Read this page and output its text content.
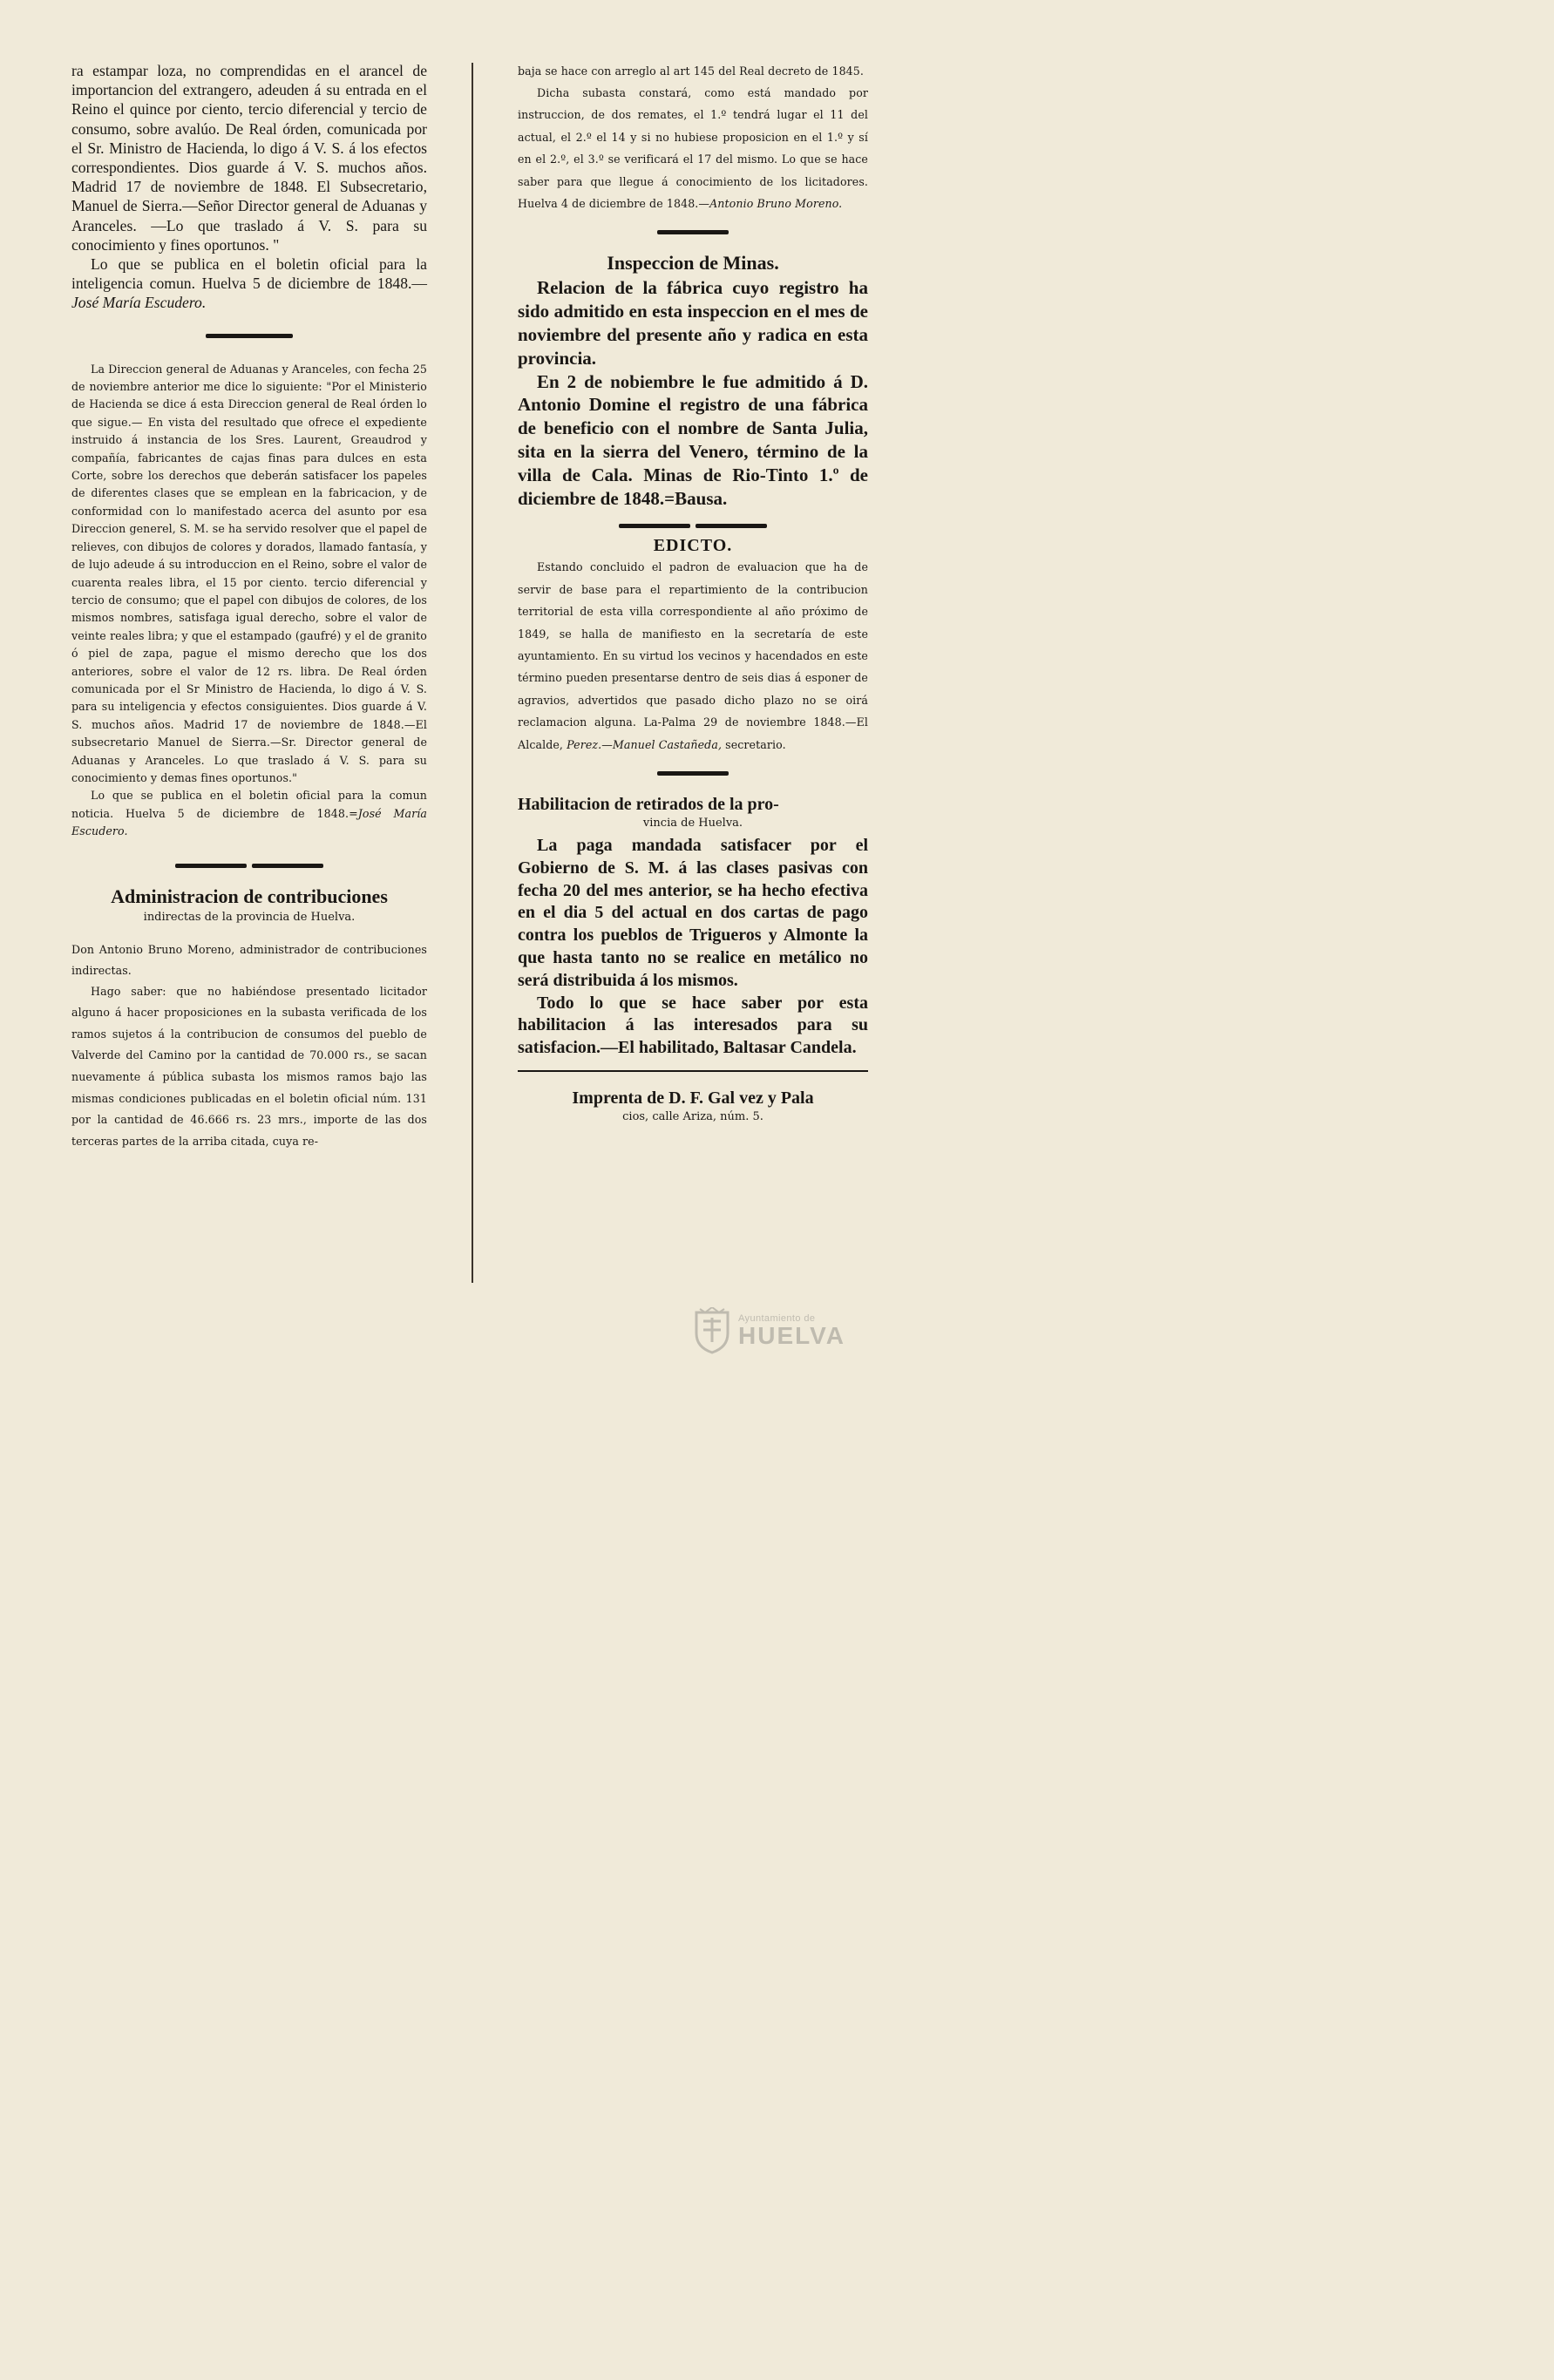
ra estampar loza, no comprendidas en el arancel de importancion del extrangero, adeuden á su entrada en el Reino el quince por ciento, tercio diferencial y tercio de consumo, sobre avalúo. De Real órden, comunicada por el Sr. Ministro de Hacienda, lo digo á V. S. á los efectos correspondientes. Dios guarde á V. S. muchos años. Madrid 17 de noviembre de 1848. El Subsecretario, Manuel de Sierra.—Señor Director general de Aduanas y Aranceles. —Lo que traslado á V. S. para su conocimiento y fines oportunos. "

Lo que se publica en el boletin oficial para la inteligencia comun. Huelva 5 de diciembre de 1848.—José María Escudero.

La Direccion general de Aduanas y Aranceles, con fecha 25 de noviembre anterior me dice lo siguiente: "Por el Ministerio de Hacienda se dice á esta Direccion general de Real órden lo que sigue.— En vista del resultado que ofrece el expediente instruido á instancia de los Sres. Laurent, Greaudrod y compañía, fabricantes de cajas finas para dulces en esta Corte, sobre los derechos que deberán satisfacer los papeles de diferentes clases que se emplean en la fabricacion, y de conformidad con lo manifestado acerca del asunto por esa Direccion generel, S. M. se ha servido resolver que el papel de relieves, con dibujos de colores y dorados, llamado fantasía, y de lujo adeude á su introduccion en el Reino, sobre el valor de cuarenta reales libra, el 15 por ciento. tercio diferencial y tercio de consumo; que el papel con dibujos de colores, de los mismos nombres, satisfaga igual derecho, sobre el valor de veinte reales libra; y que el estampado (gaufré) y el de granito ó piel de zapa, pague el mismo derecho que los dos anteriores, sobre el valor de 12 rs. libra. De Real órden comunicada por el Sr Ministro de Hacienda, lo digo á V. S. para su inteligencia y efectos consiguientes. Dios guarde á V. S. muchos años. Madrid 17 de noviembre de 1848.—El subsecretario Manuel de Sierra.—Sr. Director general de Aduanas y Aranceles. Lo que traslado á V. S. para su conocimiento y demas fines oportunos."

Lo que se publica en el boletin oficial para la comun noticia. Huelva 5 de diciembre de 1848.=José María Escudero.

Administracion de contribuciones
indirectas de la provincia de Huelva.

Don Antonio Bruno Moreno, administrador de contribuciones indirectas.

Hago saber: que no habiéndose presentado licitador alguno á hacer proposiciones en la subasta verificada de los ramos sujetos á la contribucion de consumos del pueblo de Valverde del Camino por la cantidad de 70.000 rs., se sacan nuevamente á pública subasta los mismos ramos bajo las mismas condiciones publicadas en el boletin oficial núm. 131 por la cantidad de 46.666 rs. 23 mrs., importe de las dos terceras partes de la arriba citada, cuya re-

baja se hace con arreglo al art 145 del Real decreto de 1845.

Dicha subasta constará, como está mandado por instruccion, de dos remates, el 1.º tendrá lugar el 11 del actual, el 2.º el 14 y si no hubiese proposicion en el 1.º y sí en el 2.º, el 3.º se verificará el 17 del mismo. Lo que se hace saber para que llegue á conocimiento de los licitadores. Huelva 4 de diciembre de 1848.—Antonio Bruno Moreno.

Inspeccion de Minas.

Relacion de la fábrica cuyo registro ha sido admitido en esta inspeccion en el mes de noviembre del presente año y radica en esta provincia.

En 2 de nobiembre le fue admitido á D. Antonio Domine el registro de una fábrica de beneficio con el nombre de Santa Julia, sita en la sierra del Venero, término de la villa de Cala. Minas de Rio-Tinto 1.º de diciembre de 1848.=Bausa.

EDICTO.

Estando concluido el padron de evaluacion que ha de servir de base para el repartimiento de la contribucion territorial de esta villa correspondiente al año próximo de 1849, se halla de manifiesto en la secretaría de este ayuntamiento. En su virtud los vecinos y hacendados en este término pueden presentarse dentro de seis dias á esponer de agravios, advertidos que pasado dicho plazo no se oirá reclamacion alguna. La-Palma 29 de noviembre 1848.—El Alcalde, Perez.—Manuel Castañeda, secretario.

Habilitacion de retirados de la pro-
vincia de Huelva.

La paga mandada satisfacer por el Gobierno de S. M. á las clases pasivas con fecha 20 del mes anterior, se ha hecho efectiva en el dia 5 del actual en dos cartas de pago contra los pueblos de Trigueros y Almonte la que hasta tanto no se realice en metálico no será distribuida á los mismos.

Todo lo que se hace saber por esta habilitacion á las interesados para su satisfacion.—El habilitado, Baltasar Candela.

Imprenta de D. F. Gal vez y Pala
cios, calle Ariza, núm. 5.
Ayuntamiento de
HUELVA
